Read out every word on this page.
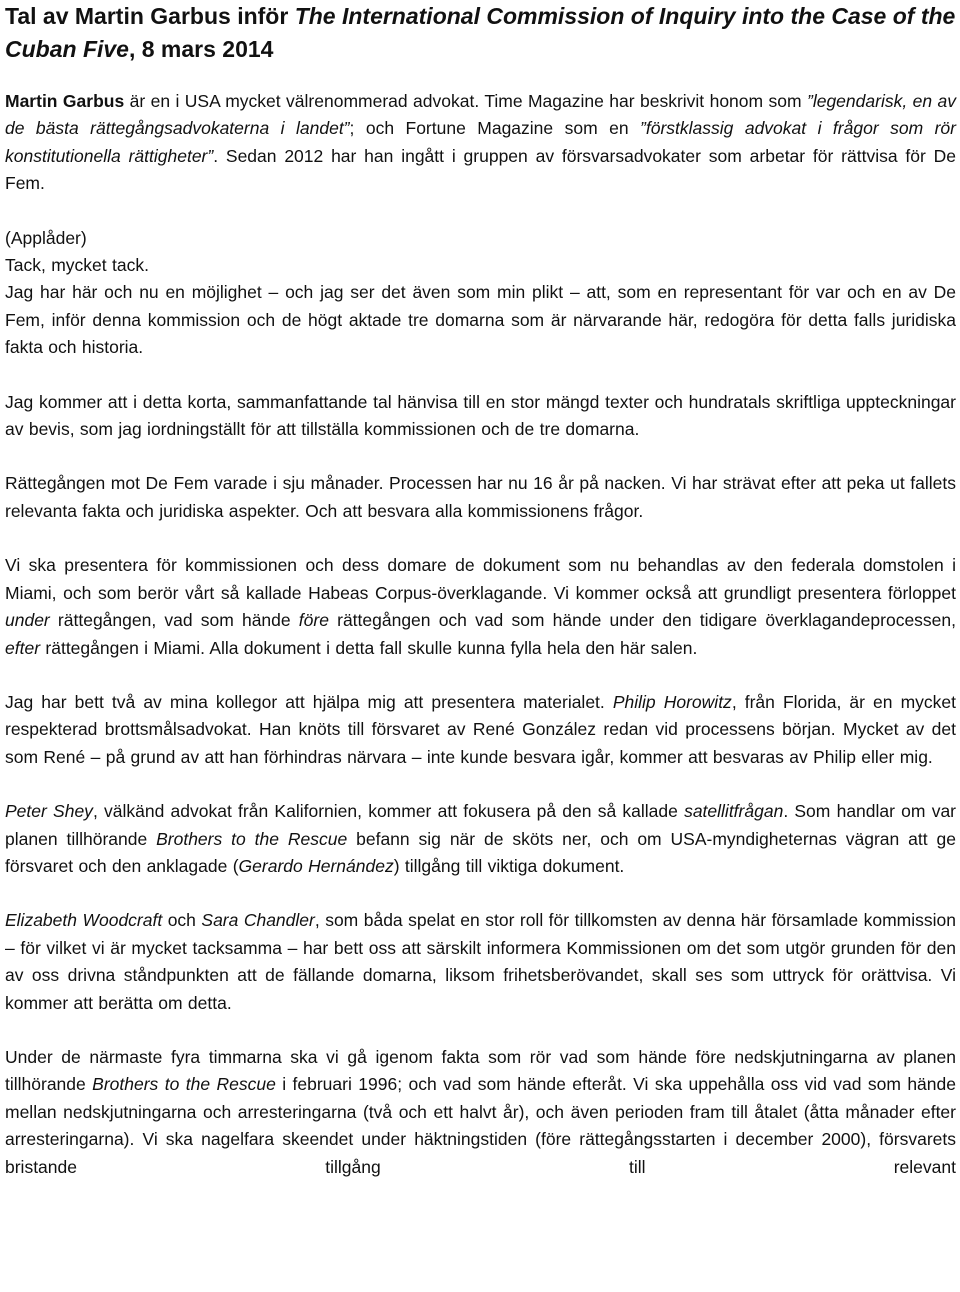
Tal av Martin Garbus inför The International Commission of Inquiry into the Case of the Cuban Five, 8 mars 2014

Martin Garbus är en i USA mycket välrenommerad advokat. Time Magazine har beskrivit honom som ”legendarisk, en av de bästa rättegångsadvokaterna i landet”; och Fortune Magazine som en ”förstklassig advokat i frågor som rör konstitutionella rättigheter”. Sedan 2012 har han ingått i gruppen av försvarsadvokater som arbetar för rättvisa för De Fem.

(Applåder)

Tack, mycket tack.

Jag har här och nu en möjlighet – och jag ser det även som min plikt – att, som en representant för var och en av De Fem, inför denna kommission och de högt aktade tre domarna som är närvarande här, redogöra för detta falls juridiska fakta och historia.

Jag kommer att i detta korta, sammanfattande tal hänvisa till en stor mängd texter och hundratals skriftliga uppteckningar av bevis, som jag iordningställt för att tillställa kommissionen och de tre domarna.

Rättegången mot De Fem varade i sju månader. Processen har nu 16 år på nacken. Vi har strävat efter att peka ut fallets relevanta fakta och juridiska aspekter. Och att besvara alla kommissionens frågor.

Vi ska presentera för kommissionen och dess domare de dokument som nu behandlas av den federala domstolen i Miami, och som berör vårt så kallade Habeas Corpus-överklagande. Vi kommer också att grundligt presentera förloppet under rättegången, vad som hände före rättegången och vad som hände under den tidigare överklagandeprocessen, efter rättegången i Miami. Alla dokument i detta fall skulle kunna fylla hela den här salen.

Jag har bett två av mina kollegor att hjälpa mig att presentera materialet. Philip Horowitz, från Florida, är en mycket respekterad brottsmålsadvokat. Han knöts till försvaret av René González redan vid processens början. Mycket av det som René – på grund av att han förhindras närvara – inte kunde besvara igår, kommer att besvaras av Philip eller mig.

Peter Shey, välkänd advokat från Kalifornien, kommer att fokusera på den så kallade satellitfrågan. Som handlar om var planen tillhörande Brothers to the Rescue befann sig när de sköts ner, och om USA-myndigheternas vägran att ge försvaret och den anklagade (Gerardo Hernández) tillgång till viktiga dokument.

Elizabeth Woodcraft och Sara Chandler, som båda spelat en stor roll för tillkomsten av denna här församlade kommission – för vilket vi är mycket tacksamma – har bett oss att särskilt informera Kommissionen om det som utgör grunden för den av oss drivna ståndpunkten att de fällande domarna, liksom frihetsberövandet, skall ses som uttryck för orättvisa. Vi kommer att berätta om detta.

Under de närmaste fyra timmarna ska vi gå igenom fakta som rör vad som hände före nedskjutningarna av planen tillhörande Brothers to the Rescue i februari 1996; och vad som hände efteråt. Vi ska uppehålla oss vid vad som hände mellan nedskjutningarna och arresteringarna (två och ett halvt år), och även perioden fram till åtalet (åtta månader efter arresteringarna). Vi ska nagelfara skeendet under häktningstiden (före rättegångsstarten i december 2000), försvarets bristande tillgång till relevant
